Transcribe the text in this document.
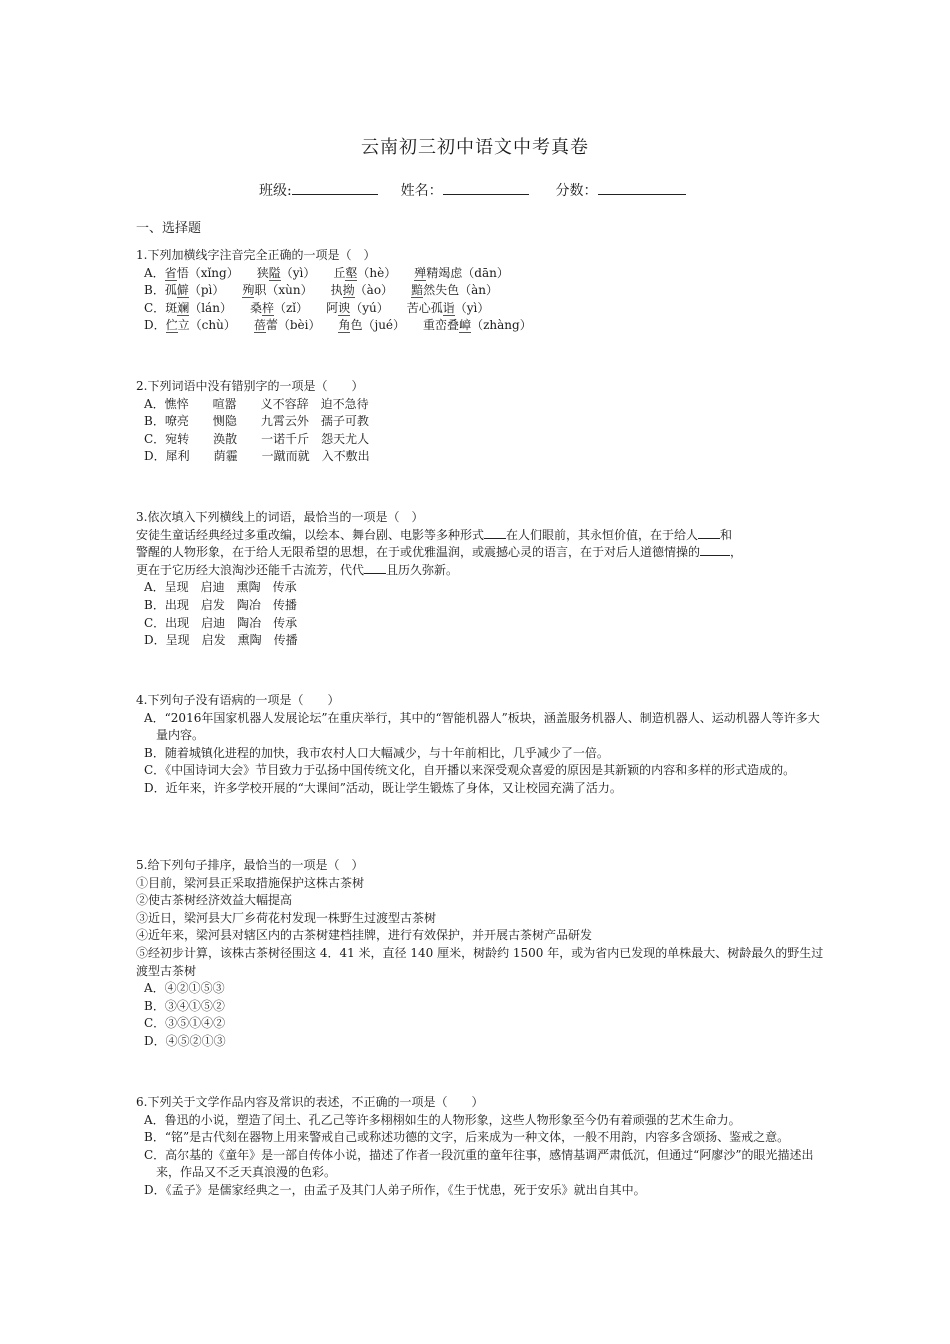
云南初三初中语文中考真卷
班级:	姓名：	分数：
一、选择题
1.下列加横线字注音完全正确的一项是（　）
A．省悟（xǐng） 狭隘（yì） 丘壑（hè） 殚精竭虑（dān）
B．孤僻（pì） 殉职（xùn） 执拗（ào） 黯然失色（àn）
C．斑斓（lán） 桑梓（zǐ） 阿谀（yú） 苦心孤诣（yì）
D．伫立（chù） 蓓蕾（bèi） 角色（jué） 重峦叠嶂（zhàng）
2.下列词语中没有错别字的一项是（　　）
A．憔悴　　喧嚣　　义不容辞　迫不急待
B．嘹亮　　恻隐　　九霄云外　孺子可教
C．宛转　　涣散　　一诺千斤　怨天尤人
D．犀利　　荫霾　　一蹴而就　入不敷出
3.依次填入下列横线上的词语，最恰当的一项是（　）
安徒生童话经典经过多重改编，以绘本、舞台剧、电影等多种形式 在人们眼前，其永恒价值，在于给人 和
警醒的人物形象，在于给人无限希望的思想，在于或优雅温润，或震撼心灵的语言，在于对后人道德情操的	，
更在于它历经大浪淘沙还能千古流芳，代代 且历久弥新。
A．呈现　启迪　熏陶　传承
B．出现　启发　陶冶　传播
C．出现　启迪　陶冶　传承
D．呈现　启发　熏陶　传播
4.下列句子没有语病的一项是（　　）
A．“2016年国家机器人发展论坛”在重庆举行，其中的“智能机器人”板块，涵盖服务机器人、制造机器人、运动机器人等许多大量内容。
B．随着城镇化进程的加快，我市农村人口大幅减少，与十年前相比，几乎减少了一倍。
C．《中国诗词大会》节目致力于弘扬中国传统文化，自开播以来深受观众喜爱的原因是其新颖的内容和多样的形式造成的。
D．近年来，许多学校开展的“大课间”活动，既让学生锻炼了身体，又让校园充满了活力。
5.给下列句子排序，最恰当的一项是（　）
①目前，梁河县正采取措施保护这株古茶树
②使古茶树经济效益大幅提高
③近日，梁河县大厂乡荷花村发现一株野生过渡型古茶树
④近年来，梁河县对辖区内的古茶树建档挂牌，进行有效保护，并开展古茶树产品研发
⑤经初步计算，该株古茶树径围这 4．41 米，直径 140 厘米，树龄约 1500 年，或为省内已发现的单株最大、树龄最久的野生过渡型古茶树
A．④②①⑤③
B．③④①⑤②
C．③⑤①④②
D．④⑤②①③
6.下列关于文学作品内容及常识的表述，不正确的一项是（　　）
A．鲁迅的小说，塑造了闰土、孔乙己等许多栩栩如生的人物形象，这些人物形象至今仍有着顽强的艺术生命力。
B．“铭”是古代刻在器物上用来警戒自己或称述功德的文字，后来成为一种文体，一般不用韵，内容多含颂扬、鉴戒之意。
C．高尔基的《童年》是一部自传体小说，描述了作者一段沉重的童年往事，感情基调严肃低沉，但通过“阿廖沙”的眼光描述出来，作品又不乏天真浪漫的色彩。
D．《孟子》是儒家经典之一，由孟子及其门人弟子所作，《生于忧患，死于安乐》就出自其中。
